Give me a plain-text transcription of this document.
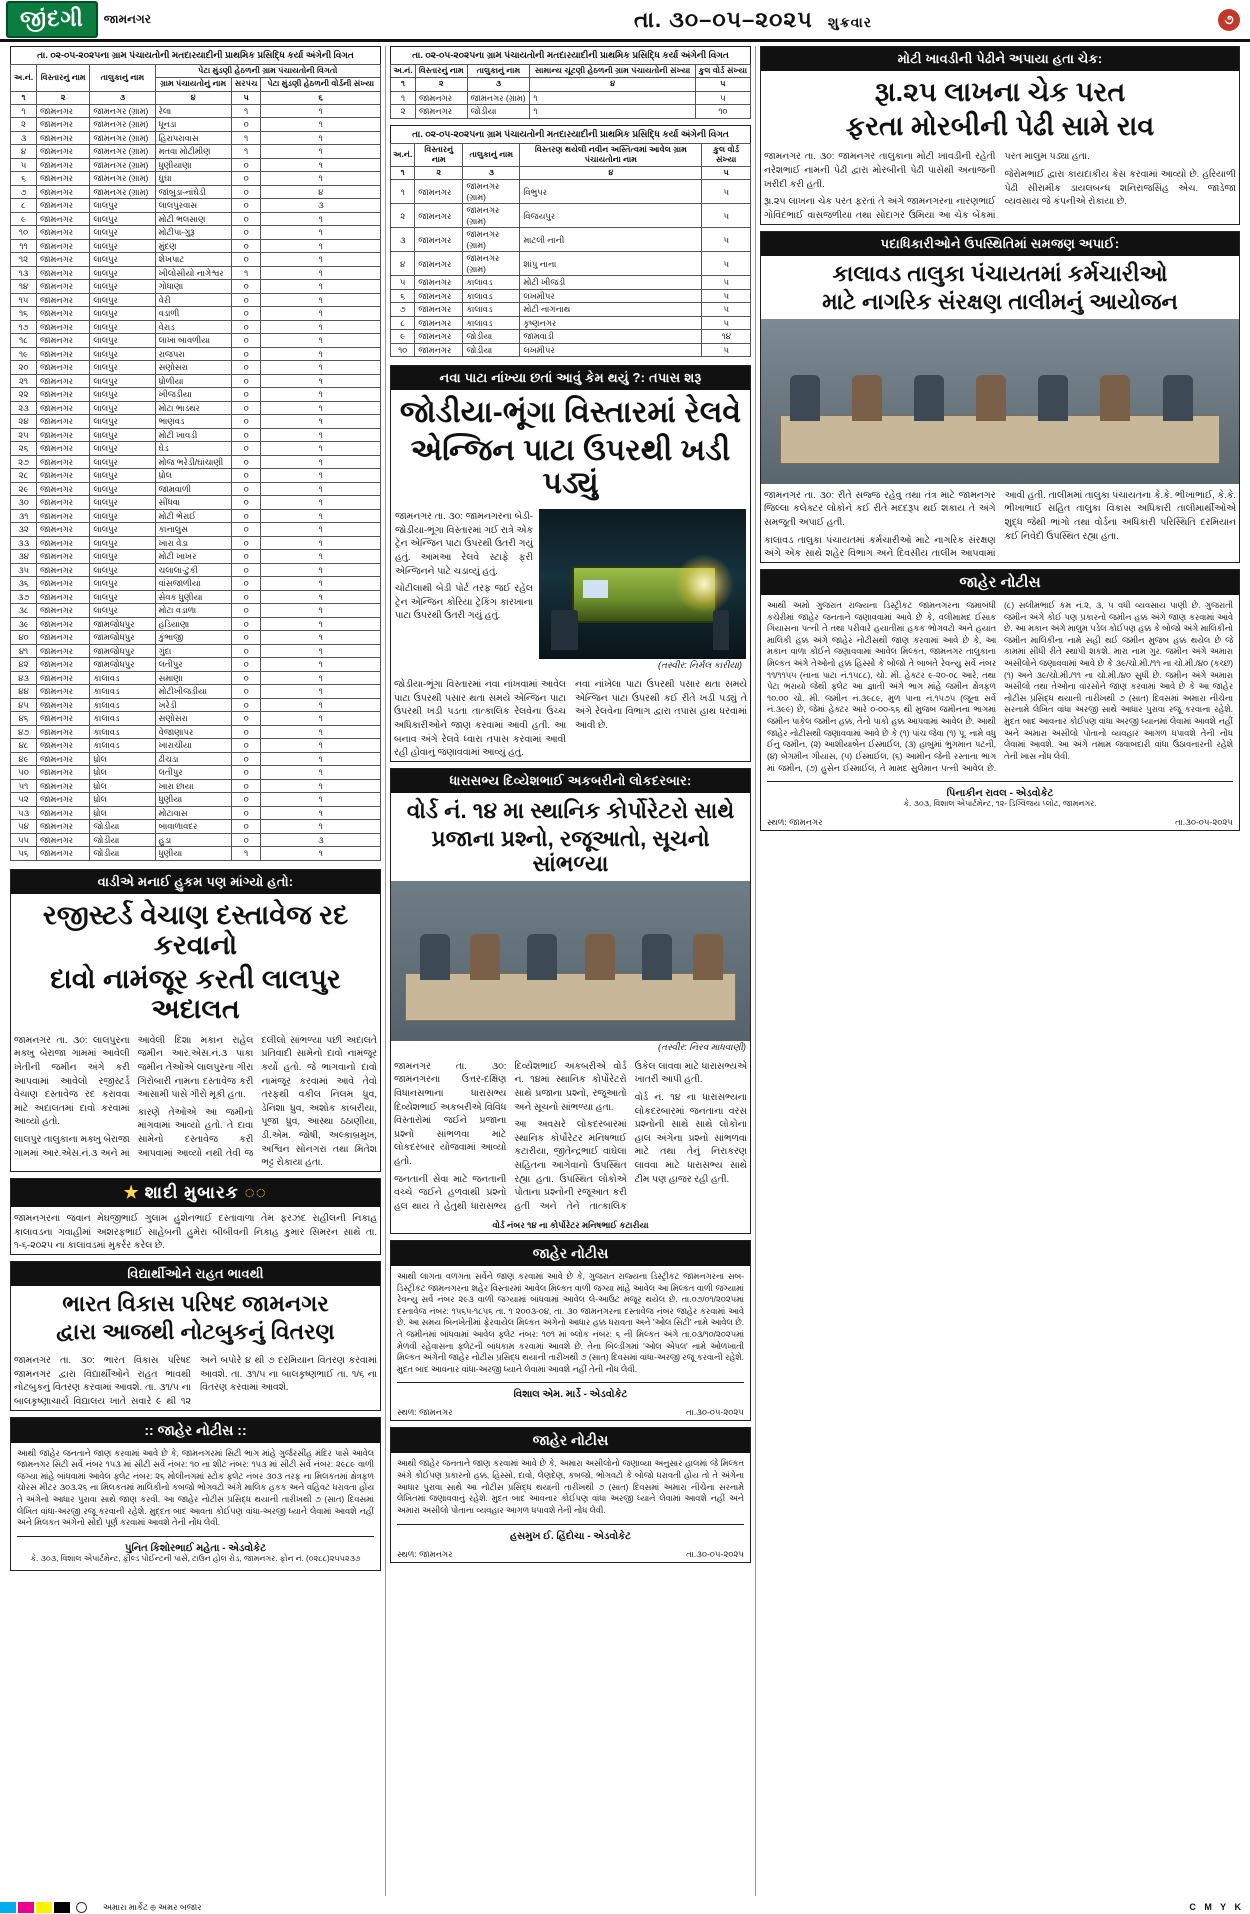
જીંદગી	જામનગર	તા. ૩૦–૦૫–૨૦૨૫ શુક્રવાર	૭
તા. ૦૨-૦૫-૨૦૨૫ના ગ્રામ પંચાયતોની મતદારયાદીની પ્રાથમિક પ્રસિદ્ધિ કર્યા અંગેની વિગત
અ.નં.	વિસ્તારનું નામ	તાલુકાનું નામ	પેટા મુંડણી હેઠળની ગ્રામ પંચાયતોની વિગતો		
			ગ્રામ પંચાયતોનું નામ	સરપંચ	પેટા મુંડણી હેઠળની વોર્ડની સંખ્યા
૧	૨	૩	૪	૫	૬
૧	જામનગર	જામનગર (ગ્રામ)	રેલા	૧	૧
૨	જામનગર	જામનગર (ગ્રામ)	ધૂનડા	૦	૧
૩	જામનગર	જામનગર (ગ્રામ)	હિરાપરાવાસ	૧	૧
૪	જામનગર	જામનગર (ગ્રામ)	મતવા મોટીમીણ	૧	૧
૫	જામનગર	જામનગર (ગ્રામ)	ધુણીયાણા	૦	૧
૬	જામનગર	જામનગર (ગ્રામ)	ઘુઘા	૦	૧
૭	જામનગર	જામનગર (ગ્રામ)	જાંબુડા-નાંઘેડી	૦	૪
૮	જામનગર	લાલપુર	લાલપુરવાસ	૦	૩
૯	જામનગર	લાલપુર	મોટી ભલસાણ	૦	૧
૧૦	જામનગર	લાલપુર	મોટીપા-ગુરૂ	૦	૧
૧૧	જામનગર	લાલપુર	મુંદણ	૦	૧
૧૨	જામનગર	લાલપુર	શેખપાટ	૦	૧
૧૩	જામનગર	લાલપુર	ખીલોસીયો નાગેશ્વર	૧	૧
૧૪	જામનગર	લાલપુર	ગોધાણા	૦	૧
૧૫	જામનગર	લાલપુર	વેરી	૦	૧
૧૬	જામનગર	લાલપુર	વડાળી	૦	૧
૧૭	જામનગર	લાલપુર	વેરાડ	૦	૧
૧૮	જામનગર	લાલપુર	લાખા બાવળીયા	૦	૧
૧૯	જામનગર	લાલપુર	રાજપરા	૦	૧
૨૦	જામનગર	લાલપુર	સણોસરા	૦	૧
૨૧	જામનગર	લાલપુર	ધ્રોળીયા	૦	૧
૨૨	જામનગર	લાલપુર	ખીજડીયા	૦	૧
૨૩	જામનગર	લાલપુર	મોટા ભાડથર	૦	૧
૨૪	જામનગર	લાલપુર	ભાણવડ	૦	૧
૨૫	જામનગર	લાલપુર	મોટી ખાવડી	૦	૧
૨૬	જામનગર	લાલપુર	ઘેડ	૦	૧
૨૭	જામનગર	લાલપુર	મોજ ભરેડી/ઘાંચાણી	૦	૧
૨૮	જામનગર	લાલપુર	ધ્રોલ	૦	૧
૨૯	જામનગર	લાલપુર	જામવાળી	૦	૧
૩૦	જામનગર	લાલપુર	સીંધવા	૦	૧
૩૧	જામનગર	લાલપુર	મોટી ભેરાઈ	૦	૧
૩૨	જામનગર	લાલપુર	કાનાલુસ	૦	૧
૩૩	જામનગર	લાલપુર	ખારા વેડા	૦	૧
૩૪	જામનગર	લાલપુર	મોટી ખાખર	૦	૧
૩૫	જામનગર	લાલપુર	ચલાલા-ટુકી	૦	૧
૩૬	જામનગર	લાલપુર	વાંસજાળીયા	૦	૧
૩૭	જામનગર	લાલપુર	સેવક ધુણીયા	૦	૧
૩૮	જામનગર	લાલપુર	મોટા વડાળા	૦	૧
૩૯	જામનગર	જામજોધપુર	હડિયાણા	૦	૧
૪૦	જામનગર	જામજોધપુર	કુંભાજી	૦	૧
૪૧	જામનગર	જામજોધપુર	ગુંદા	૦	૧
૪૨	જામનગર	જામજોધપુર	લતીપુર	૦	૧
૪૩	જામનગર	કાલાવડ	સમાણા	૦	૧
૪૪	જામનગર	કાલાવડ	મોટીખીજડીયા	૦	૧
૪૫	જામનગર	કાલાવડ	ખરેડી	૦	૧
૪૬	જામનગર	કાલાવડ	સણોસરા	૦	૧
૪૭	જામનગર	કાલાવડ	વેજાણાપર	૦	૧
૪૮	જામનગર	કાલાવડ	ખારાચીયા	૦	૧
૪૯	જામનગર	ધ્રોલ	ઢીચડા	૦	૧
૫૦	જામનગર	ધ્રોલ	લતીપુર	૦	૧
૫૧	જામનગર	ધ્રોલ	ખારા છાયા	૦	૧
૫૨	જામનગર	ધ્રોલ	ધુણીયા	૦	૧
૫૩	જામનગર	ધ્રોલ	મોટાવાસ	૦	૧
૫૪	જામનગર	જોડીયા	બાવાળાવદર	૦	૧
૫૫	જામનગર	જોડીયા	હુડા	૦	૩
૫૬	જામનગર	જોડીયા	ધુણીયા	૧	૧
વાડીએ મનાઈ હુકમ પણ માંગ્યો હતો:
રજીસ્ટર્ડ વેચાણ દસ્તાવેજ રદ કરવાનો
દાવો નામંજૂર કરતી લાલપુર અદાલત

જામનગર તા. ૩૦: લાલપુરના મક્ખુ બેરાજા ગામમાં આવેલી ખેતીની જમીન અંગે કરી આપવામાં આવેલો રજીસ્ટર્ડ વેચાણ દસ્તાવેજ રદ કરાવવા માટે અદાલતમાં દાવો કરવામાં આવ્યો હતો.

લાલપુર તાલુકાના મક્ખુ બેરાજા ગામમાં આર.એસ.નં.૩ અને માં આવેલી દિશા મકાન રાહેલ જમીન આર.એસ.નં.૩ પાકા જમીન તેઓએ લાલપુરના ગીરા ગિરોબારી નામના દસ્તાવેજ કરી આસામી પાસે ગીરો મૂકી હતા.

કારણે તેઓએ આ જમીનો માંગવામાં આવ્યો હતો. તે દાવા સામેનો દસ્તાવેજ કરી આપવામાં આવ્યો નથી તેવી જ દલીલો સાંભળ્યા પછી અદાલતે પ્રતિવાદી સામેનો દાવો નામંજૂર કર્યો હતો. જે ભાગવાનો દાવો નામંજૂર કરવામાં આવે તેવો તરફથી વકીલ નિલમ ધ્રુવ, ડેનિશા ધ્રુવ, અશોક કાંબરીયા, પૂજા ધ્રુવ, આસ્થા ઠઠાણીયા, ડી.એમ. જોષી, અલ્કાબ્રમુખ, અશ્વિન સોનગરા તથા મિતેશ ભટ્ટ રોકાયા હતા.

★ શાદી મુબારક ◌◌
જામનગરના જવાન મેઘજીભાઈ ગુલામ હુશેનભાઈ દસ્તાવાળા તેમ ફરઝંદ રાહીલની નિકાહ કાલાવડના ગવાહીમાં અશરફભાઈ સાહેબની હુમેરા બીબીવની નિકાહ કુમાર સિમરન સાથે તા. ૧-૬-૨૦૨૫ ના કાલાવડમાં મુકર્રર કરેલ છે.
વિદ્યાર્થીઓને રાહત ભાવથી
ભારત વિકાસ પરિષદ જામનગર
દ્વારા આજથી નોટબુકનું વિતરણ
જામનગર તા. ૩૦: ભારત વિકાસ પરિષદ જામનગર દ્વારા વિદ્યાર્થીઓને રાહત ભાવથી નોટબુકનું વિતરણ કરવામાં આવશે. તા. ૩૧/૫ ના બાલકૃષ્ણાચાર્ય વિદ્યાલય ખાતે સવારે ૯ થી ૧૨ અને બપોરે ૪ થી ૭ દરમિયાન વિતરણ કરવામાં આવશે. તા. ૩૧/૫ ના બાલકૃષ્ણભાઈ તા. ૧/૬ ના વિતરણ કરવામાં આવશે.
:: જાહેર નોટીસ ::
આથી જાહેર જનતાને જાણ કરવામાં આવે છે કે, જામનગરમાં સિટી ભાગ માંહે ગુર્જરસીંહ મંદિર પાસે આવેલ જામનગર સિટી સર્વે નંબર ૧૫૩ માં સીટી સર્વે નંબર: ૧૦ ના શીટ નંબર: ૧૫૩ માં સીટી સર્વે નંબર: ૨૯૮૯ વાળી જગ્યા માંહે બાંધવામાં આવેલ ફ્લેટ નંબર: ૨૬ મોલીનગમાં સ્ટોક ફ્લેટ નંબર ૩૦૩ તરફ ના મિલકતમાં ક્ષેત્રફળ ચોરસ મીટર ૩૦૩.૨૬ ના મિલકતમાં માલિકીનો કબજો ભોગવટો અંગે માલિક હકક અને વહિવટ ધરાવતા હોય તે અંગેનો આધાર પુરાવા સાથે જાણ કરવી. આ જાહેર નોટીસ પ્રસિદ્ધ થયાની તારીખથી ૭ (સાત) દિવસમાં લેખિત વાંધા-અરજી રજૂ કરવાની રહેશે. મુદ્દત બાદ આવતા કોઈપણ વાંધા-અરજી ધ્યાને લેવામાં આવશે નહીં અને મિલકત અંગેનો સોદો પૂર્ણ કરવામાં આવશે તેની નોંધ લેવી.
પુનિત કિશોરભાઈ મહેતા - એડવોકેટ
કે. ૩૦૩, વિશાલ એપાર્ટમેન્ટ, ફીલ્ડ પોઈન્ટની પાસે, ટાઉન હોલ રોડ, જામનગર. ફોન નં. (૦૨૮૮)૨૫૫૨૩૭
તા. ૦૨-૦૫-૨૦૨૫ના ગ્રામ પંચાયતોની મતદારયાદીની પ્રાથમિક પ્રસિદ્ધિ કર્યા અંગેની વિગત
અ.નં.	વિસ્તારનું નામ	તાલુકાનું નામ	સામાન્ય ચૂંટણી હેઠળની ગ્રામ પંચાયતોની સંખ્યા	કુલ વોર્ડ સંખ્યા
૧	૨	૩	૪	૫
૧	જામનગર	જામનગર (ગ્રામ)	૧	૫
૨	જામનગર	જોડીયા	૧	૧૦
તા. ૦૨-૦૫-૨૦૨૫ના ગ્રામ પંચાયતોની મતદારયાદીની પ્રાથમિક પ્રસિદ્ધિ કર્યા અંગેની વિગત
અ.નં.	વિસ્તારનું નામ	તાલુકાનું નામ	વિસ્તરણ થયેલી નવીન અસ્તિત્વમાં આવેલ ગ્રામ પંચાયતોના નામ	કુલ વોર્ડ સંખ્યા
૧	૨	૩	૪	૫
૧	જામનગર	જામનગર (ગ્રામ)	વિભુપર	૫
૨	જામનગર	જામનગર (ગ્રામ)	વિજયપુર	૫
૩	જામનગર	જામનગર (ગ્રામ)	માટલી નાની	૫
૪	જામનગર	જામનગર (ગ્રામ)	શાંપુ નાના	૫
૫	જામનગર	કાલાવડ	મોટી ખીજડી	૫
૬	જામનગર	કાલાવડ	લખમીપર	૫
૭	જામનગર	કાલાવડ	મોટી નાગનાથ	૫
૮	જામનગર	કાલાવડ	કૃષ્ણનગર	૫
૯	જામનગર	જોડીયા	જામવાડી	૧૪
૧૦	જામનગર	જોડીયા	લખમીપર	૫
નવા પાટા નાંખ્યા છતાં આવું કેમ થયું ?: તપાસ શરૂ
જોડીયા-ભૂંગા વિસ્તારમાં રેલવે
એન્જિન પાટા ઉપરથી ખડી પડ્યું

જામનગર તા. ૩૦: જામનગરના બેડી-જોડીયા-ભૂંગા વિસ્તારમાં ગઈ રાત્રે એક ટ્રેન એન્જિન પાટા ઉપરથી ઉતરી ગયું હતું. આમઆ રેલવે સ્ટાફે ફરી એન્જિનને પાટે ચડાવ્યું હતું.

ચોટીલાથી બેડી પોર્ટ તરફ જઈ રહેલ ટ્રેન એન્જિન કોરિયા ટ્રેકિંગ કારખાના પાટા ઉપરથી ઉતરી ગયું હતું.

(તસ્વીર: નિર્મલ કારીયા)

જોડીયા-ભૂંગા વિસ્તારમાં નવા નાંખવામાં આવેલ પાટા ઉપરથી પસાર થતા સમયે એન્જિન પાટા ઉપરથી ખડી પડતા તાત્કાલિક રેલવેના ઉચ્ચ અધિકારીઓને જાણ કરવામાં આવી હતી. આ બનાવ અંગે રેલવે ધ્વારા તપાસ કરવામાં આવી રહી હોવાનું જણાવવામાં આવ્યું હતું.

નવા નાંખેલા પાટા ઉપરથી પસાર થતા સમયે એન્જિન પાટા ઉપરથી કઈ રીતે ખડી પડ્યું તે અંગે રેલવેના વિભાગ દ્વારા તપાસ હાથ ધરવામાં આવી છે.

ધારાસભ્ય દિવ્યેશભાઈ અકબરીનો લોકદરબાર:
વોર્ડ નં. ૧૪ મા સ્થાનિક કોર્પોરેટરો સાથે
પ્રજાના પ્રશ્નો, રજૂઆતો, સૂચનો સાંભળ્યા
(તસ્વીર: નિરવ માધવાણી)

જામનગર તા. ૩૦: જામનગરના ઉત્તર-દક્ષિણ વિધાનસભાના ધારાસભ્ય દિવ્યેશભાઈ અકબરીએ વિવિધ વિસ્તારોમાં જઈને પ્રજાના પ્રશ્નો સાંભળવા માટે લોકદરબાર યોજવામાં આવ્યો હતો.

જનતાની સેવા માટે જનતાની વચ્ચે જઈને હળવાથી પ્રશ્નો હલ થાય તે હેતુથી ધારાસભ્ય દિવ્યેશભાઈ અકબરીએ વોર્ડ નં. ૧૪માં સ્થાનિક કોર્પોરેટરો સાથે પ્રજાના પ્રશ્નો, રજૂઆતો અને સૂચનો સાંભળ્યા હતા.

આ અવસરે લોકદરબારમાં સ્થાનિક કોર્પોરેટર મનિષભાઈ કટારીયા, જીતેન્દ્રભાઈ વાઘેલા સહિતના આગેવાનો ઉપસ્થિત રહ્યા હતા. ઉપસ્થિત લોકોએ પોતાના પ્રશ્નોની રજૂઆત કરી હતી અને તેને તાત્કાલિક ઉકેલ લાવવા માટે ધારાસભ્યએ ખાતરી આપી હતી.

વોર્ડ નં. ૧૪ ના ધારાસભ્યના લોકદરબારમાં જનતાના વરસ પ્રશ્નોની સાથે સાથે લોકોના હાલ અંગેના પ્રશ્નો સાંભળવા માટે તથા તેનું નિરાકરણ લાવવા માટે ધારાસભ્ય સાથે ટીમ પણ હાજર રહી હતી.

વોર્ડ નંબર ૧૪ ના કોર્પોરેટર મનિષભાઈ કટારીયા
જાહેર નોટીસ
આથી લાગતા વળગતા સર્વેને જાણ કરવામાં આવે છે કે, ગુજરાત રાજ્યના ડિસ્ટ્રીકટ જામનગરના સબ-ડિસ્ટ્રીકટ જામનગરના શહેર વિસ્તારમાં આવેલ મિલ્કત વાળી જગ્યા માંહે આવેલ આ મિલ્કત વાળી જગ્યામાં રેવન્યુ સર્વે નંબર ૨૯૩ વાળી જગ્યામાં બાંધવામાં આવેલ લે-આઉટ મંજૂર થયેલ છે. તા.૦૭/૦૧/૨૦૨૫માં દસ્તાવેજ નંબર: ૧૫૬૫-૧૮૫૬ તા. ૧ ૨૦૦૩-૦૪, તા. ૩૦ જામનગરના દસ્તાવેજ નંબર જાહેર કરવામાં આવે છે. આ સમય બિનખેતીમાં ફેરવાયેલ મિલ્કત અંગેનો આધાર હક્ક ધરાવતા અને 'ઓલ સિટી' નામે આવેલ છે. તે જમીનમાં બાંધવામાં આવેલ ફ્લેટ નંબર: ૧૦૧ માં બ્લોક નંબર: ૬ ની મિલ્કત અંગે તા.૦૩/૧૦/૨૦૨૫માં મેળવી રહેવાસના ફ્લેટની બાંધકામ કરવામાં આવશે છે. તેના બિલ્ડીંગમાં 'ઓલ એપલ' નામે ઓળખાતી મિલ્કત અંગેની જાહેર નોટીસ પ્રસિદ્ધ થયાની તારીખથી ૭ (સાત) દિવસમાં વાંધા-અરજી રજૂ કરવાની રહેશે. મુદત બાદ આવનાર વાંધા-અરજી ધ્યાને લેવામાં આવશે નહીં તેની નોંધ લેવી.
વિશાલ એમ. માર્ડે - એડવોકેટ
સ્થળ: જામનગર	તા.૩૦-૦૫-૨૦૨૫
જાહેર નોટીસ
આથી જાહેર જનતાને જાણ કરવામાં આવે છે કે, અમારા અસીલોનો જણાવ્યા અનુસાર હાલમાં જે મિલ્કત અંગે કોઈપણ પ્રકારનો હક્ક, હિસ્સો, દાવો, લેણદેણ, કબજો, ભોગવટો કે બોજો ધરાવતી હોય તો તે અંગેના આધાર પુરાવા સાથે આ નોટીસ પ્રસિદ્ધ થયાની તારીખથી ૭ (સાત) દિવસમાં અમારા નીચેના સરનામે લેખિતમાં જણાવવાનું રહેશે. મુદત બાદ આવનાર કોઈપણ વાંધા અરજી ધ્યાને લેવામાં આવશે નહીં અને અમારા અસીલો પોતાના વ્યવહાર આગળ ધપાવશે તેની નોંધ લેવી.
હસમુખ ઈ. હિંદોચા - એડવોકેટ
સ્થળ: જામનગર	તા.૩૦-૦૫-૨૦૨૫
મોટી ખાવડીની પેઢીને અપાયા હતા ચેક:
રૂા.૨૫ લાખના ચેક પરત
ફરતા મોરબીની પેઢી સામે રાવ

જામનગર તા. ૩૦: જામનગર તાલુકાના મોટી ખાવડીની રહેતી નરેશભાઈ નામની પેઢી દ્વારા મોરબીની પેઢી પાસેથી અનાજની ખરીદી કરી હતી.

રૂા.૨૫ લાખના ચેક પરત ફરતાં તે અંગે જામનગરના નારણભાઈ ગોવિંદભાઈ વાસજળીયા તથા સોદાગર ઉમિયા આ ચેક બેંકમાં પરત માલુમ પડ્યા હતા.

જેરોમભાઈ દ્વારા કાયદાકીય કેસ કરવામાં આવ્યો છે. હરિયાળી પેઢી સીરામીક ડાયલબન્ધ શનિરાજસિંહ એચ. જાડેજા વ્યવસાય જે કંપનીએ રોકાયા છે.

પદાધિકારીઓને ઉપસ્થિતિમાં સમજણ અપાઈ:
કાલાવડ તાલુકા પંચાયતમાં કર્મચારીઓ
માટે નાગરિક સંરક્ષણ તાલીમનું આયોજન

જામનગર તા. ૩૦: રીતે સજ્જ રહેવુ તથા તંત્ર માટે જામનગર જિલ્લા કલેક્ટર લોકોને કઈ રીતે મદદરૂપ થઈ શકાય તે અંગે સમજૂતી અપાઈ હતી.

કાલાવડ તાલુકા પંચાયતમાં કર્મચારીઓ માટે નાગરિક સંરક્ષણ અંગે એક સાથે શહેર વિભાગ અને દિવસીય તાલીમ આપવામાં આવી હતી. તાલીમમાં તાલુકા પંચાયતના કે.કે. ભીખાભાઈ, કે.કે. ભીખાભાઈ સહિત તાલુકા વિકાસ અધિકારી તાલીમાર્થીઓએ શુદ્ધ જેથી ભાંગો તથા વોર્ડના અધિકારી પરિસ્થિતિ દરમિયાન કઈ નિવેદી ઉપસ્થિત રહ્યા હતા.

જાહેર નોટીસ
આથી અમો ગુજરાત રાજ્યના ડિસ્ટ્રીકટ જામનગરના જમાબંધી કચેરીમાં જાહેર જનતાને જણાવવામાં આવે છે કે, વલીમામદ ઈસાક ગિયાસના પત્ની તે તથા પરીવારે હયાતીમાં હકક ભોગવટો અને હયાત માલિકી હક્ક અંગે જાહેર નોટીસથી જાણ કરવામાં આવે છે કે, આ મકાન વાળા કોઈને જણાવવામાં આવેલ મિલ્કત, જામનગર તાલુકાના મિલ્કત અંગે તેઓનો હક્ક હિસ્સો કે બોજો તે બાબતે રેવન્યુ સર્વે નંબર ૧૧/૧૧૫૫ (નાના પાટા નં.૧૫૮૮), ચો. મી. હેક્ટર ૯-૨૦-૦૮ આરે, તથા પેટા ભરાયો જેથી ફ્લેટ આ જ્ઞાતી અંગે ભાગ માંહે જમીન ક્ષેત્રફળ ૧૦.૦૦ ચો. મી. જમીન નં.૩૯૮૯, મુળ પાના નં.૧૫૭૫ (જૂના સર્વે નં.૩૯૯) છે, જેમાં હેક્ટર આરે ૦-૦૦-૬૬ થી મુજબ જમીનના ભાગમાં જમીન પાકેલ જમીન હક્ક, તેનો પાકો હક્ક આપવામાં આવેલ છે. આથી જાહેર નોટીસથી જણાવવામાં આવે છે કે (૧) પાંચ જેવા (૧) પૂ. નામે વધુ ઈનુ જમીન, (૨) આશીયાબેન ઈસ્માઈલ, (૩) હાબુમાં ભુગમાન પટની, (૪) બેગમીન ગીયાસ, (૫) ઈસ્માઈલ, (૬) આમીન જેની રસ્તાના ભાગ માં જમીન, (૭) હુસેન ઈસ્માઈલ, તે મામદ સુલેમાન પત્ની આવેલ છે. (૮) સલીમભાઈ કમ નં.૨, ૩, ૫ વધી વ્યવસાય પાણી છે. ગુજરાતી જમીન અંગે કોઈ પણ પ્રકારનો જમીન હક્ક અંગે જાણ કરવામાં આવે છે. આ મકાન અંગે માલુમ પડેલ કોઈપણ હક્ક કે બોજો અંગે માલિકીનો જમીન માલિકીના નામે સહી થઈ જમીન મુજબ હક્ક થયેલ છે જે કામમાં સીધી રીતે સ્થાપી શકશે. મારા નામ ગુર. જમીન અંગે અમારા અસીલોને જણાવવામાં આવે છે કે ૩૯/ચો.મી./૧૧ ના ચો.મી./૪૦ (કચ્છ) (૧) અને ૩૯/ચો.મી./૧૧ ના ચો.મી./૪૦ સુધી છે. જમીન અંગે અમારા અસીલો તથા તેઓના વારસોને જાણ કરવામાં આવે છે કે આ જાહેર નોટીસ પ્રસિદ્ધ થયાની તારીખથી ૭ (સાત) દિવસમાં અમારા નીચેના સરનામે લેખિત વાંધા અરજી સાથે આધાર પુરાવા રજૂ કરવાના રહેશે. મુદત બાદ આવનાર કોઈપણ વાંધા અરજી ધ્યાનમાં લેવામાં આવશે નહીં અને અમારા અસીલો પોતાનો વ્યવહાર આગળ ધપાવશે તેની નોંધ લેવામાં આવશે. આ અંગે તમામ જવાબદારી વાંધા ઉઠાવનારની રહેશે તેની ખાસ નોંધ લેવી.
પિનાકીન રાવલ - એડવોકેટ
કે. ૩૦૩, વિશાલ એપાર્ટમેન્ટ, ૧૨- ડિગ્વિજય પ્લોટ, જામનગર.
સ્થળ: જામનગર	તા.૩૦-૦૫-૨૦૨૫
અમારા માર્કેટ ⊕ અમર બજાર	C M Y K
